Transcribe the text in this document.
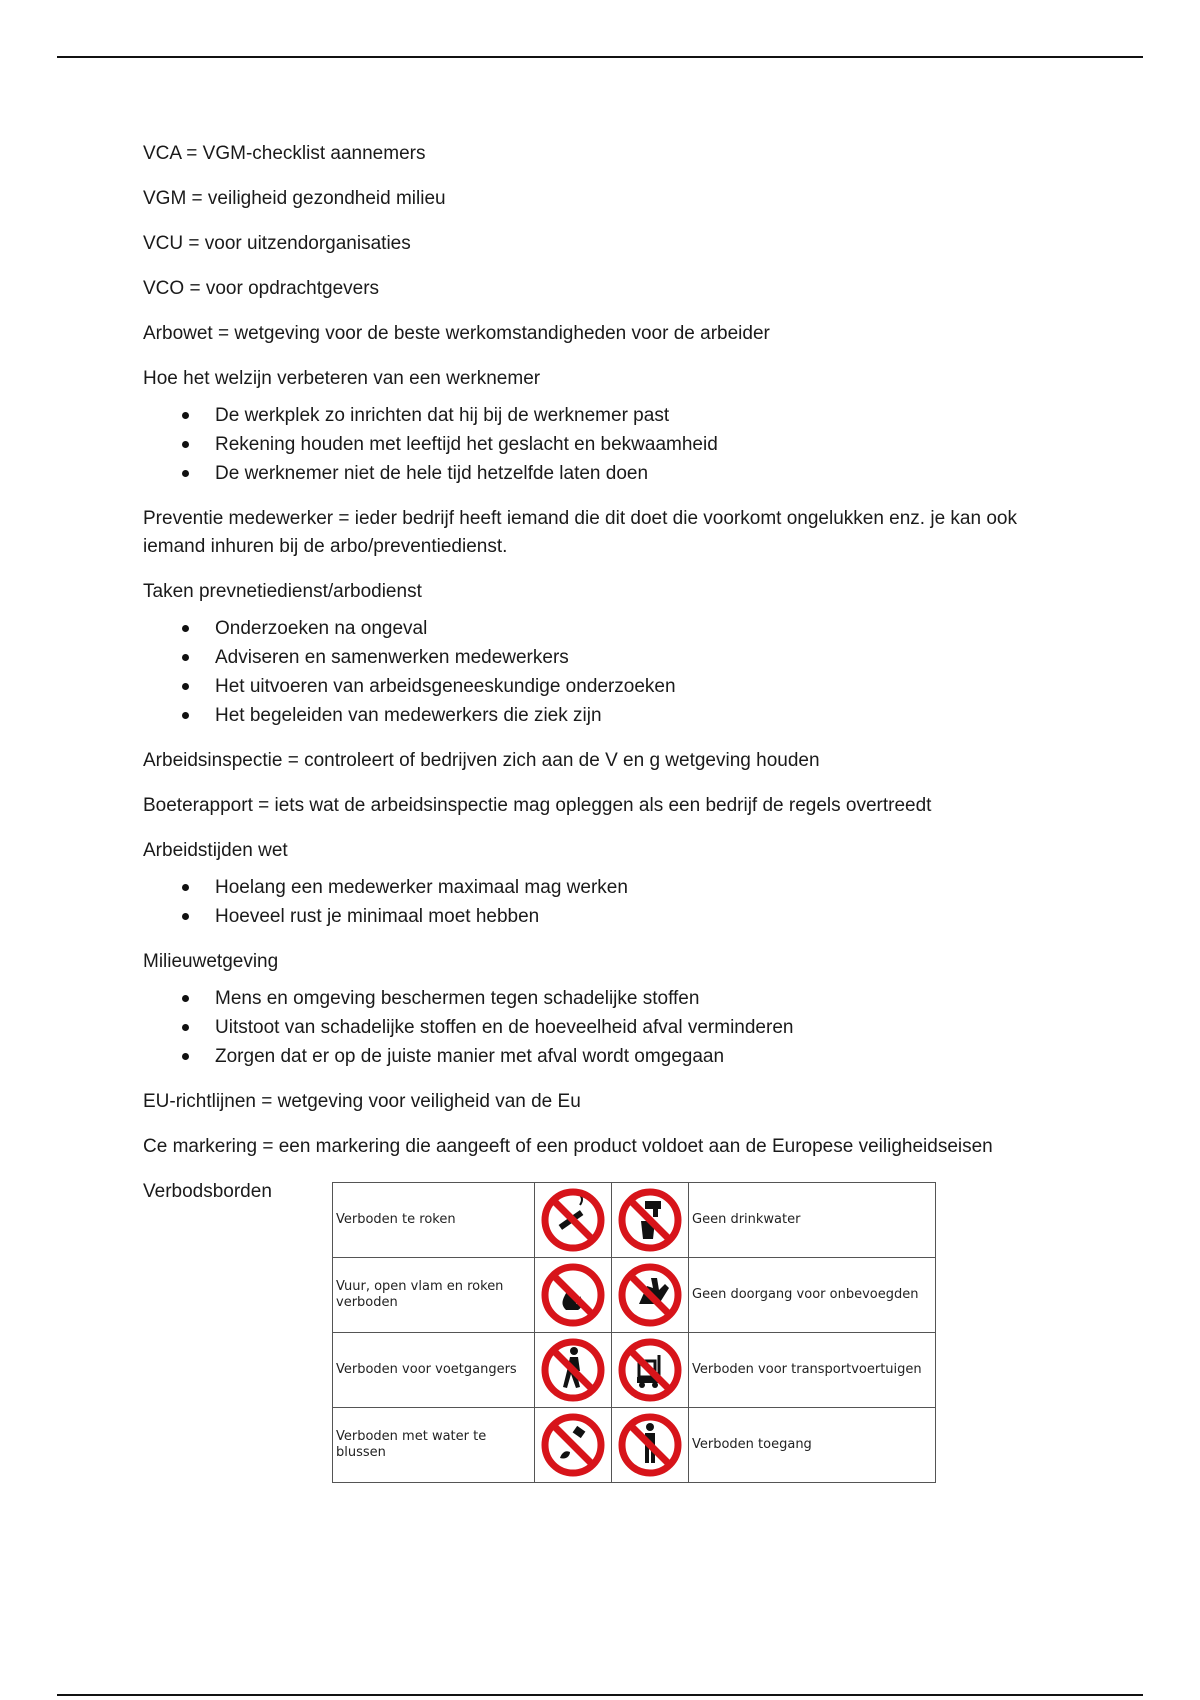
VCA = VGM-checklist aannemers

VGM = veiligheid gezondheid milieu

VCU = voor uitzendorganisaties

VCO = voor opdrachtgevers

Arbowet = wetgeving voor de beste werkomstandigheden voor de arbeider

Hoe het welzijn verbeteren van een werknemer

De werkplek zo inrichten dat hij bij de werknemer past
Rekening houden met leeftijd het geslacht en bekwaamheid
De werknemer niet de hele tijd hetzelfde laten doen

Preventie medewerker = ieder bedrijf heeft iemand die dit doet die voorkomt ongelukken enz. je kan ook iemand inhuren bij de arbo/preventiedienst.

Taken prevnetiedienst/arbodienst

Onderzoeken na ongeval
Adviseren en samenwerken medewerkers
Het uitvoeren van arbeidsgeneeskundige onderzoeken
Het begeleiden van medewerkers die ziek zijn

Arbeidsinspectie = controleert of bedrijven zich aan de V en g wetgeving houden

Boeterapport = iets wat de arbeidsinspectie mag opleggen als een bedrijf de regels overtreedt

Arbeidstijden wet

Hoelang een medewerker maximaal mag werken
Hoeveel rust je minimaal moet hebben

Milieuwetgeving

Mens en omgeving beschermen tegen schadelijke stoffen
Uitstoot van schadelijke stoffen en de hoeveelheid afval verminderen
Zorgen dat er op de juiste manier met afval wordt omgegaan

EU-richtlijnen = wetgeving voor veiligheid van de Eu

Ce markering = een markering die aangeeft of een product voldoet aan de Europese veiligheidseisen

Verbodsborden
Verboden te roken			Geen drinkwater
Vuur, open vlam en roken verboden			Geen doorgang voor onbevoegden
Verboden voor voetgangers			Verboden voor transportvoertuigen
Verboden met water te blussen			Verboden toegang
